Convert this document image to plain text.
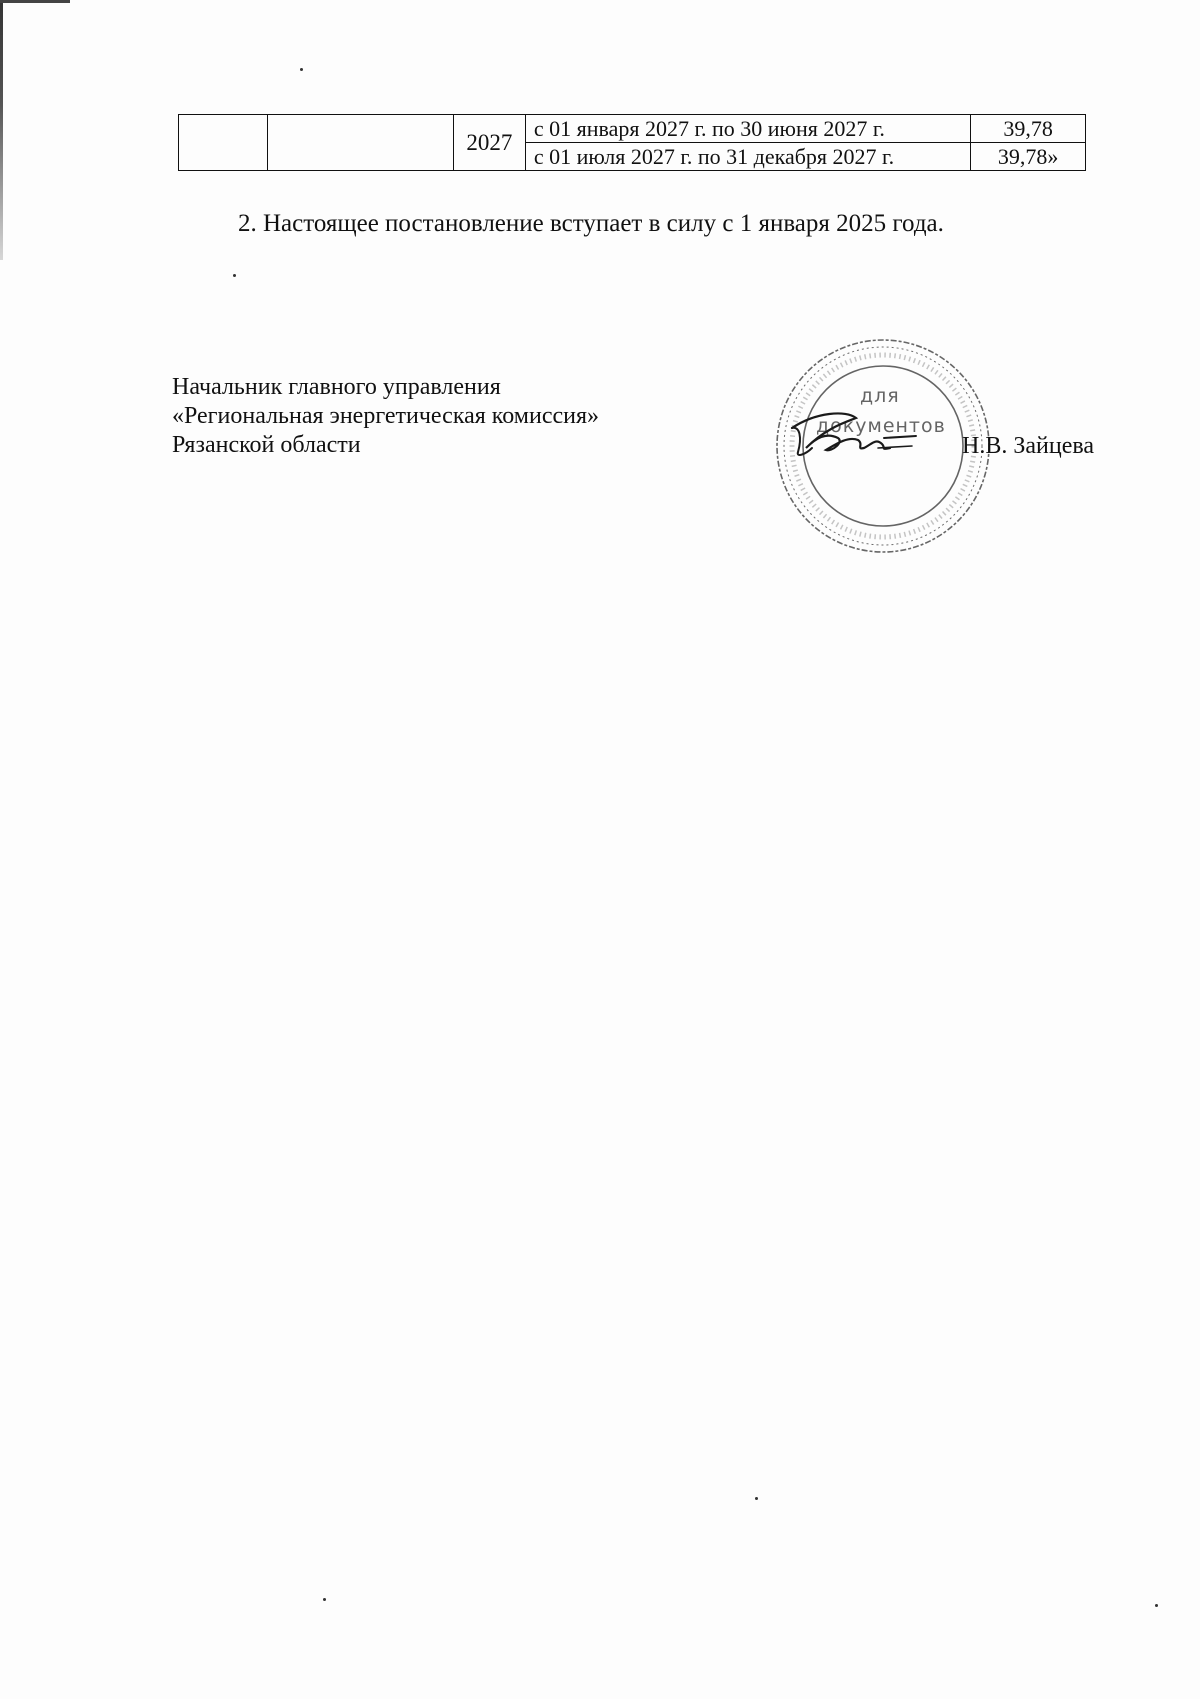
		2027	с 01 января 2027 г. по 30 июня 2027 г.	39,78
			с 01 июля 2027 г. по 31 декабря 2027 г.	39,78»

2. Настоящее постановление вступает в силу с 1 января 2025 года.

Начальник главного управления
«Региональная энергетическая комиссия»
Рязанской области
для
документов
Н.В. Зайцева
